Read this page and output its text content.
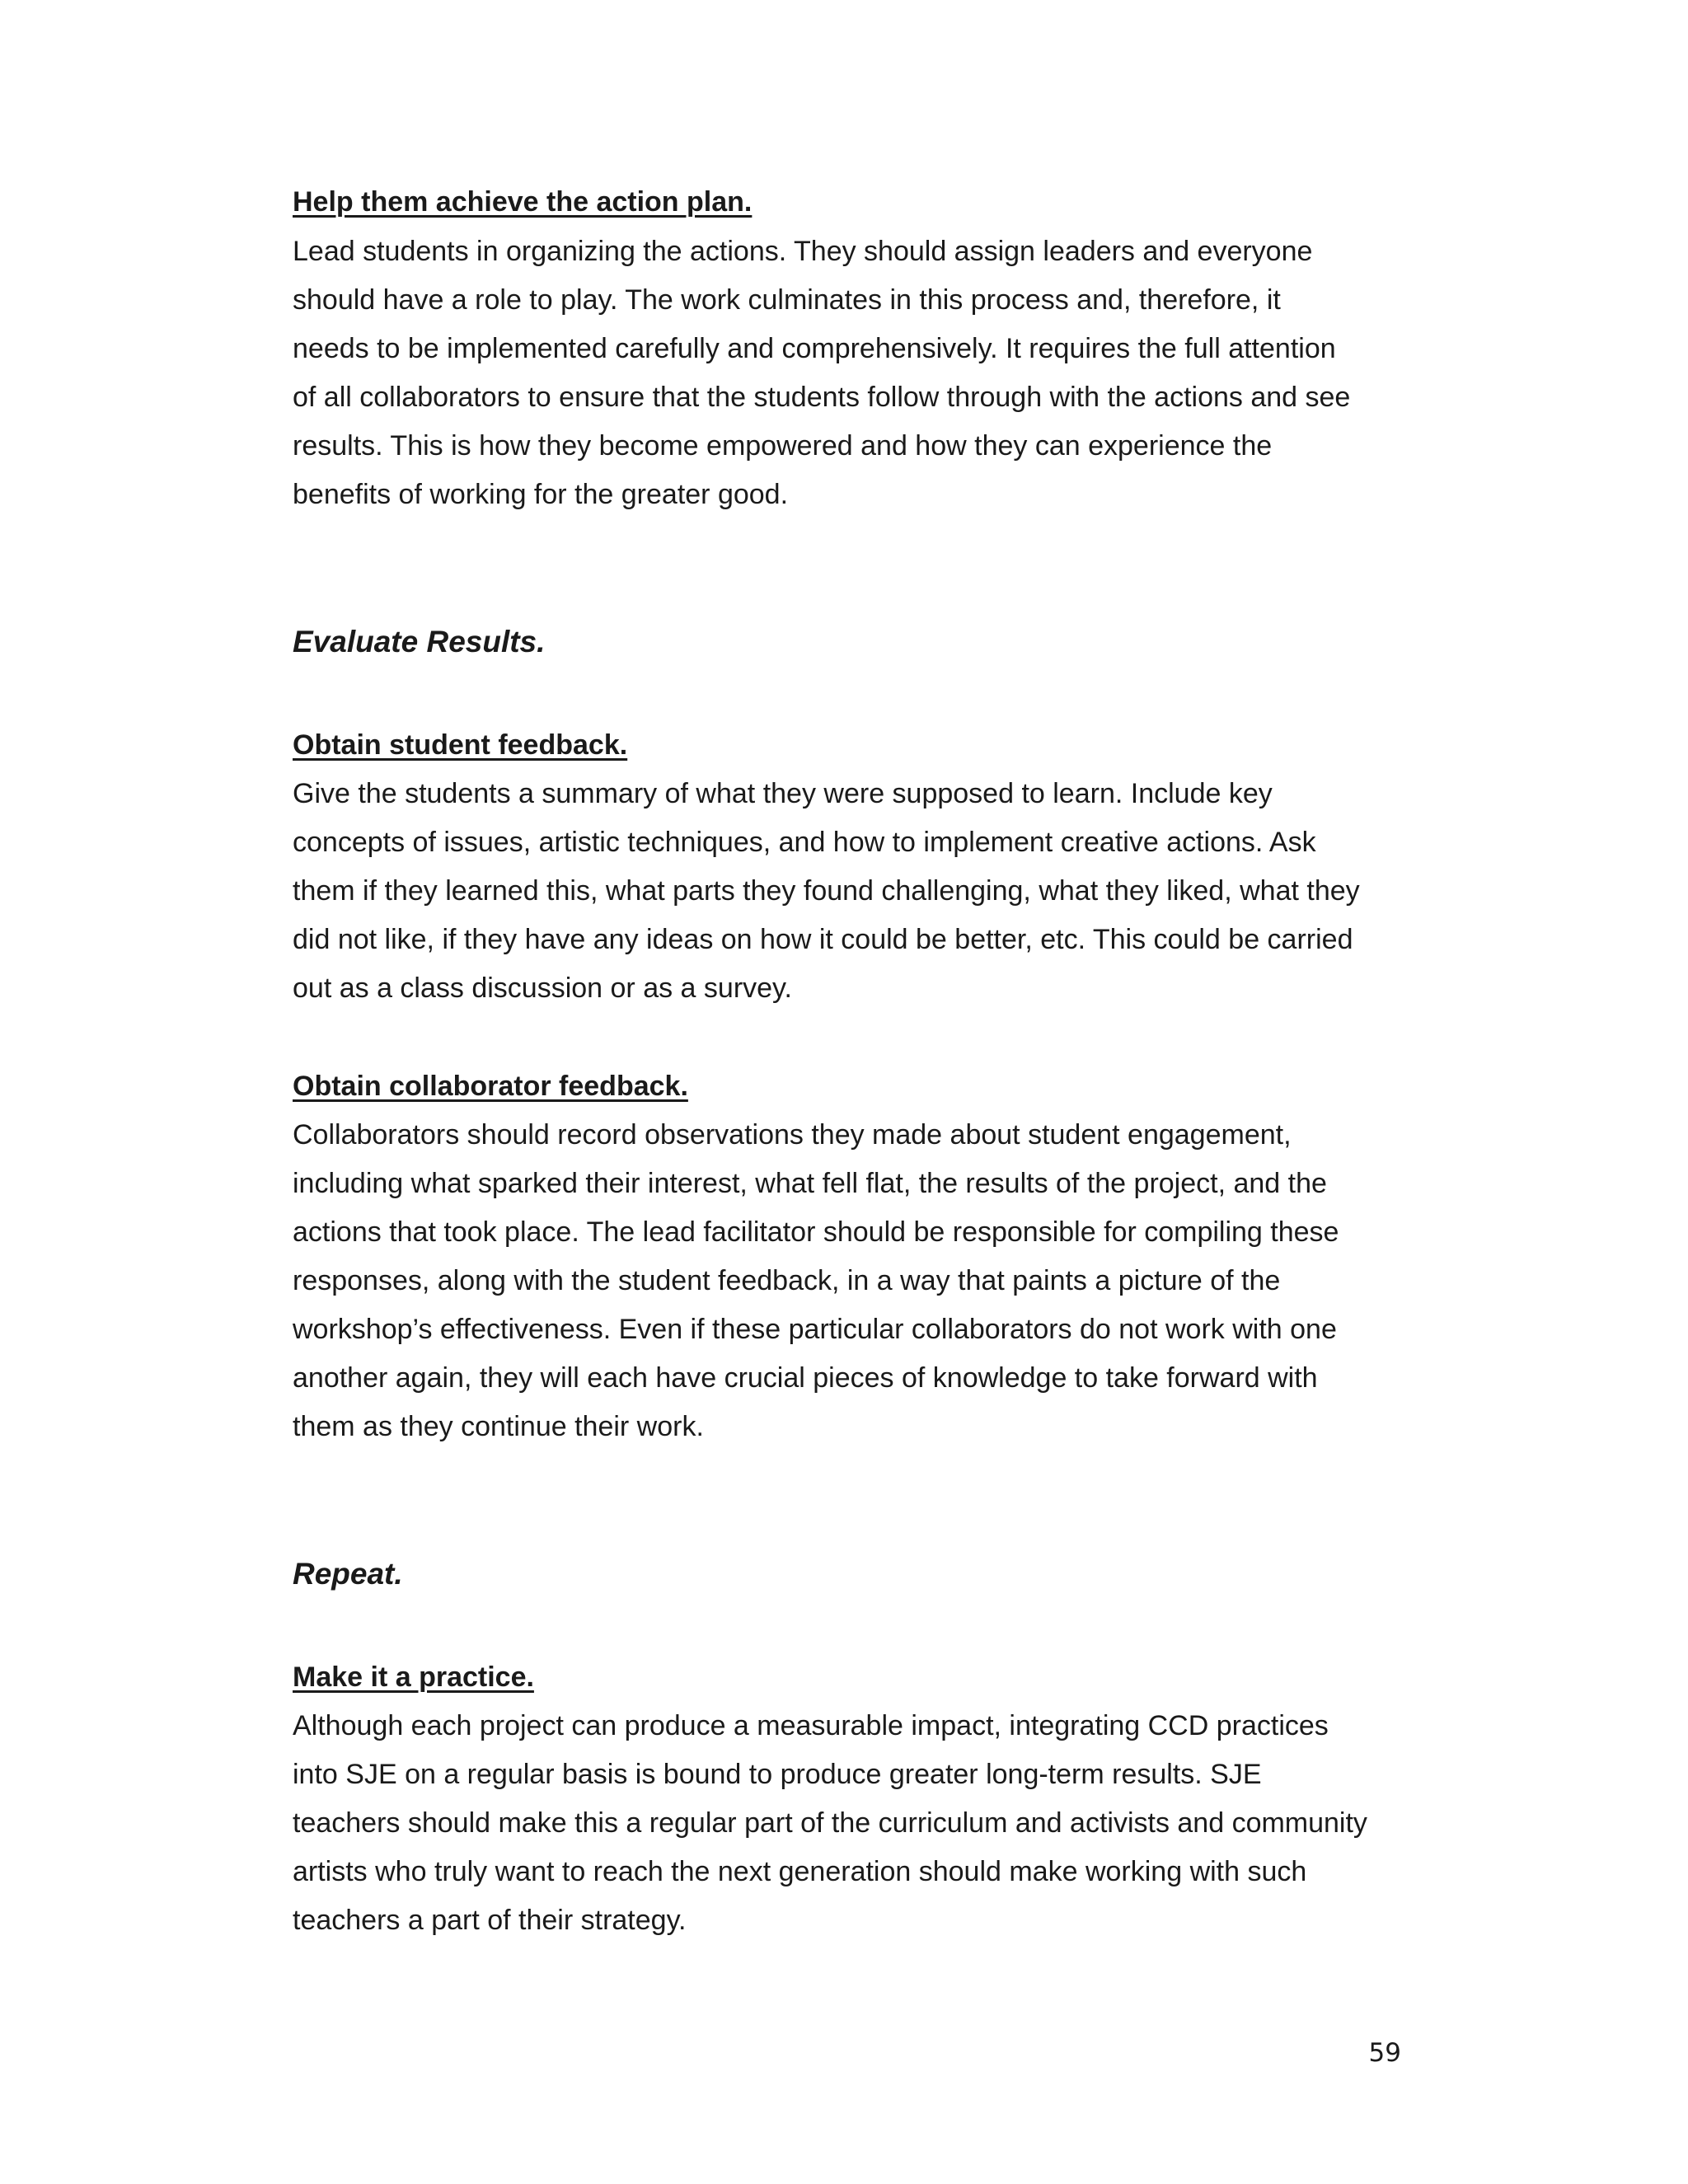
Help them achieve the action plan.
Lead students in organizing the actions. They should assign leaders and everyone
should have a role to play. The work culminates in this process and, therefore, it
needs to be implemented carefully and comprehensively. It requires the full attention
of all collaborators to ensure that the students follow through with the actions and see
results. This is how they become empowered and how they can experience the
benefits of working for the greater good.
Evaluate Results.
Obtain student feedback.
Give the students a summary of what they were supposed to learn. Include key
concepts of issues, artistic techniques, and how to implement creative actions. Ask
them if they learned this, what parts they found challenging, what they liked, what they
did not like, if they have any ideas on how it could be better, etc. This could be carried
out as a class discussion or as a survey.
Obtain collaborator feedback.
Collaborators should record observations they made about student engagement,
including what sparked their interest, what fell flat, the results of the project, and the
actions that took place. The lead facilitator should be responsible for compiling these
responses, along with the student feedback, in a way that paints a picture of the
workshop’s effectiveness. Even if these particular collaborators do not work with one
another again, they will each have crucial pieces of knowledge to take forward with
them as they continue their work.
Repeat.
Make it a practice.
Although each project can produce a measurable impact, integrating CCD practices
into SJE on a regular basis is bound to produce greater long-term results. SJE
teachers should make this a regular part of the curriculum and activists and community
artists who truly want to reach the next generation should make working with such
teachers a part of their strategy.
59
